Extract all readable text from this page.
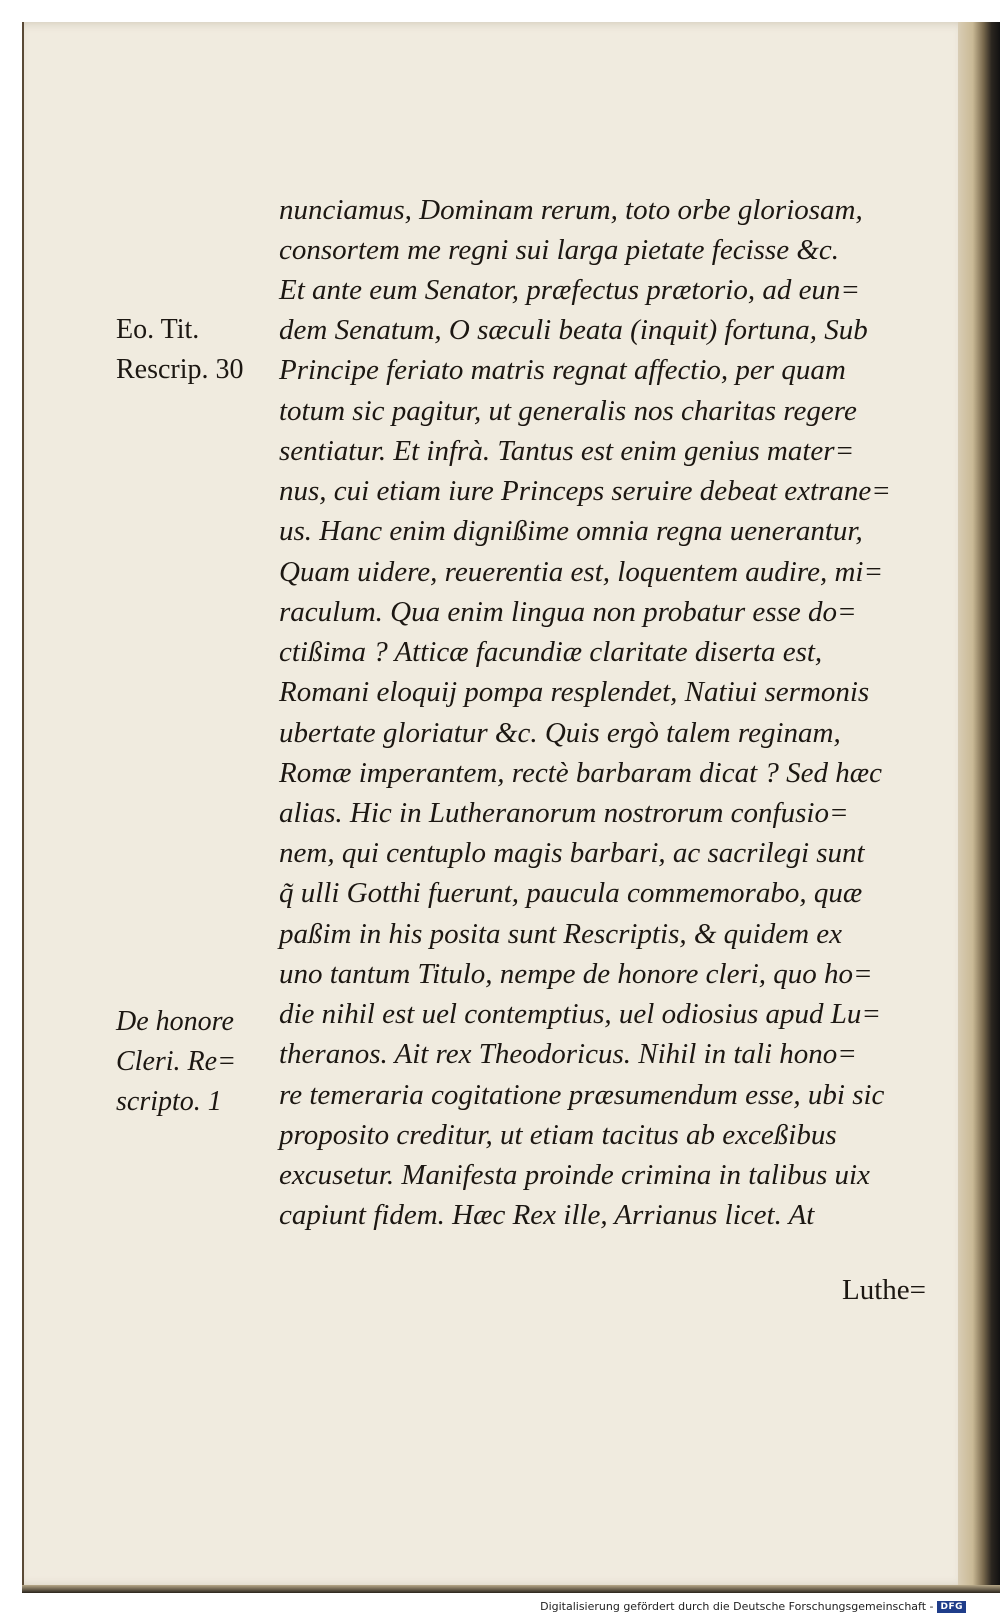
nunciamus, Dominam rerum, toto orbe gloriosam,
consortem me regni sui larga pietate fecisse &c.
Et ante eum Senator, præfectus prætorio, ad eun=
dem Senatum, O sæculi beata (inquit) fortuna, Sub
Principe feriato matris regnat affectio, per quam
totum sic pagitur, ut generalis nos charitas regere
sentiatur. Et infrà. Tantus est enim genius mater=
nus, cui etiam iure Princeps seruire debeat extrane=
us. Hanc enim dignißime omnia regna uenerantur,
Quam uidere, reuerentia est, loquentem audire, mi=
raculum. Qua enim lingua non probatur esse do=
ctißima ? Atticæ facundiæ claritate diserta est,
Romani eloquij pompa resplendet, Natiui sermonis
ubertate gloriatur &c. Quis ergò talem reginam,
Romæ imperantem, rectè barbaram dicat ? Sed hæc
alias. Hic in Lutheranorum nostrorum confusio=
nem, qui centuplo magis barbari, ac sacrilegi sunt
q̃ ulli Gotthi fuerunt, paucula commemorabo, quæ
paßim in his posita sunt Rescriptis, & quidem ex
uno tantum Titulo, nempe de honore cleri, quo ho=
die nihil est uel contemptius, uel odiosius apud Lu=
theranos. Ait rex Theodoricus. Nihil in tali hono=
re temeraria cogitatione præsumendum esse, ubi sic
proposito creditur, ut etiam tacitus ab exceßibus
excusetur. Manifesta proinde crimina in talibus uix
capiunt fidem. Hæc Rex ille, Arrianus licet. At
Luthe=
Eo. Tit.
Rescrip. 30
De honore
Cleri. Re=
scripto. 1
Digitalisierung gefördert durch die Deutsche Forschungsgemeinschaft - DFG
